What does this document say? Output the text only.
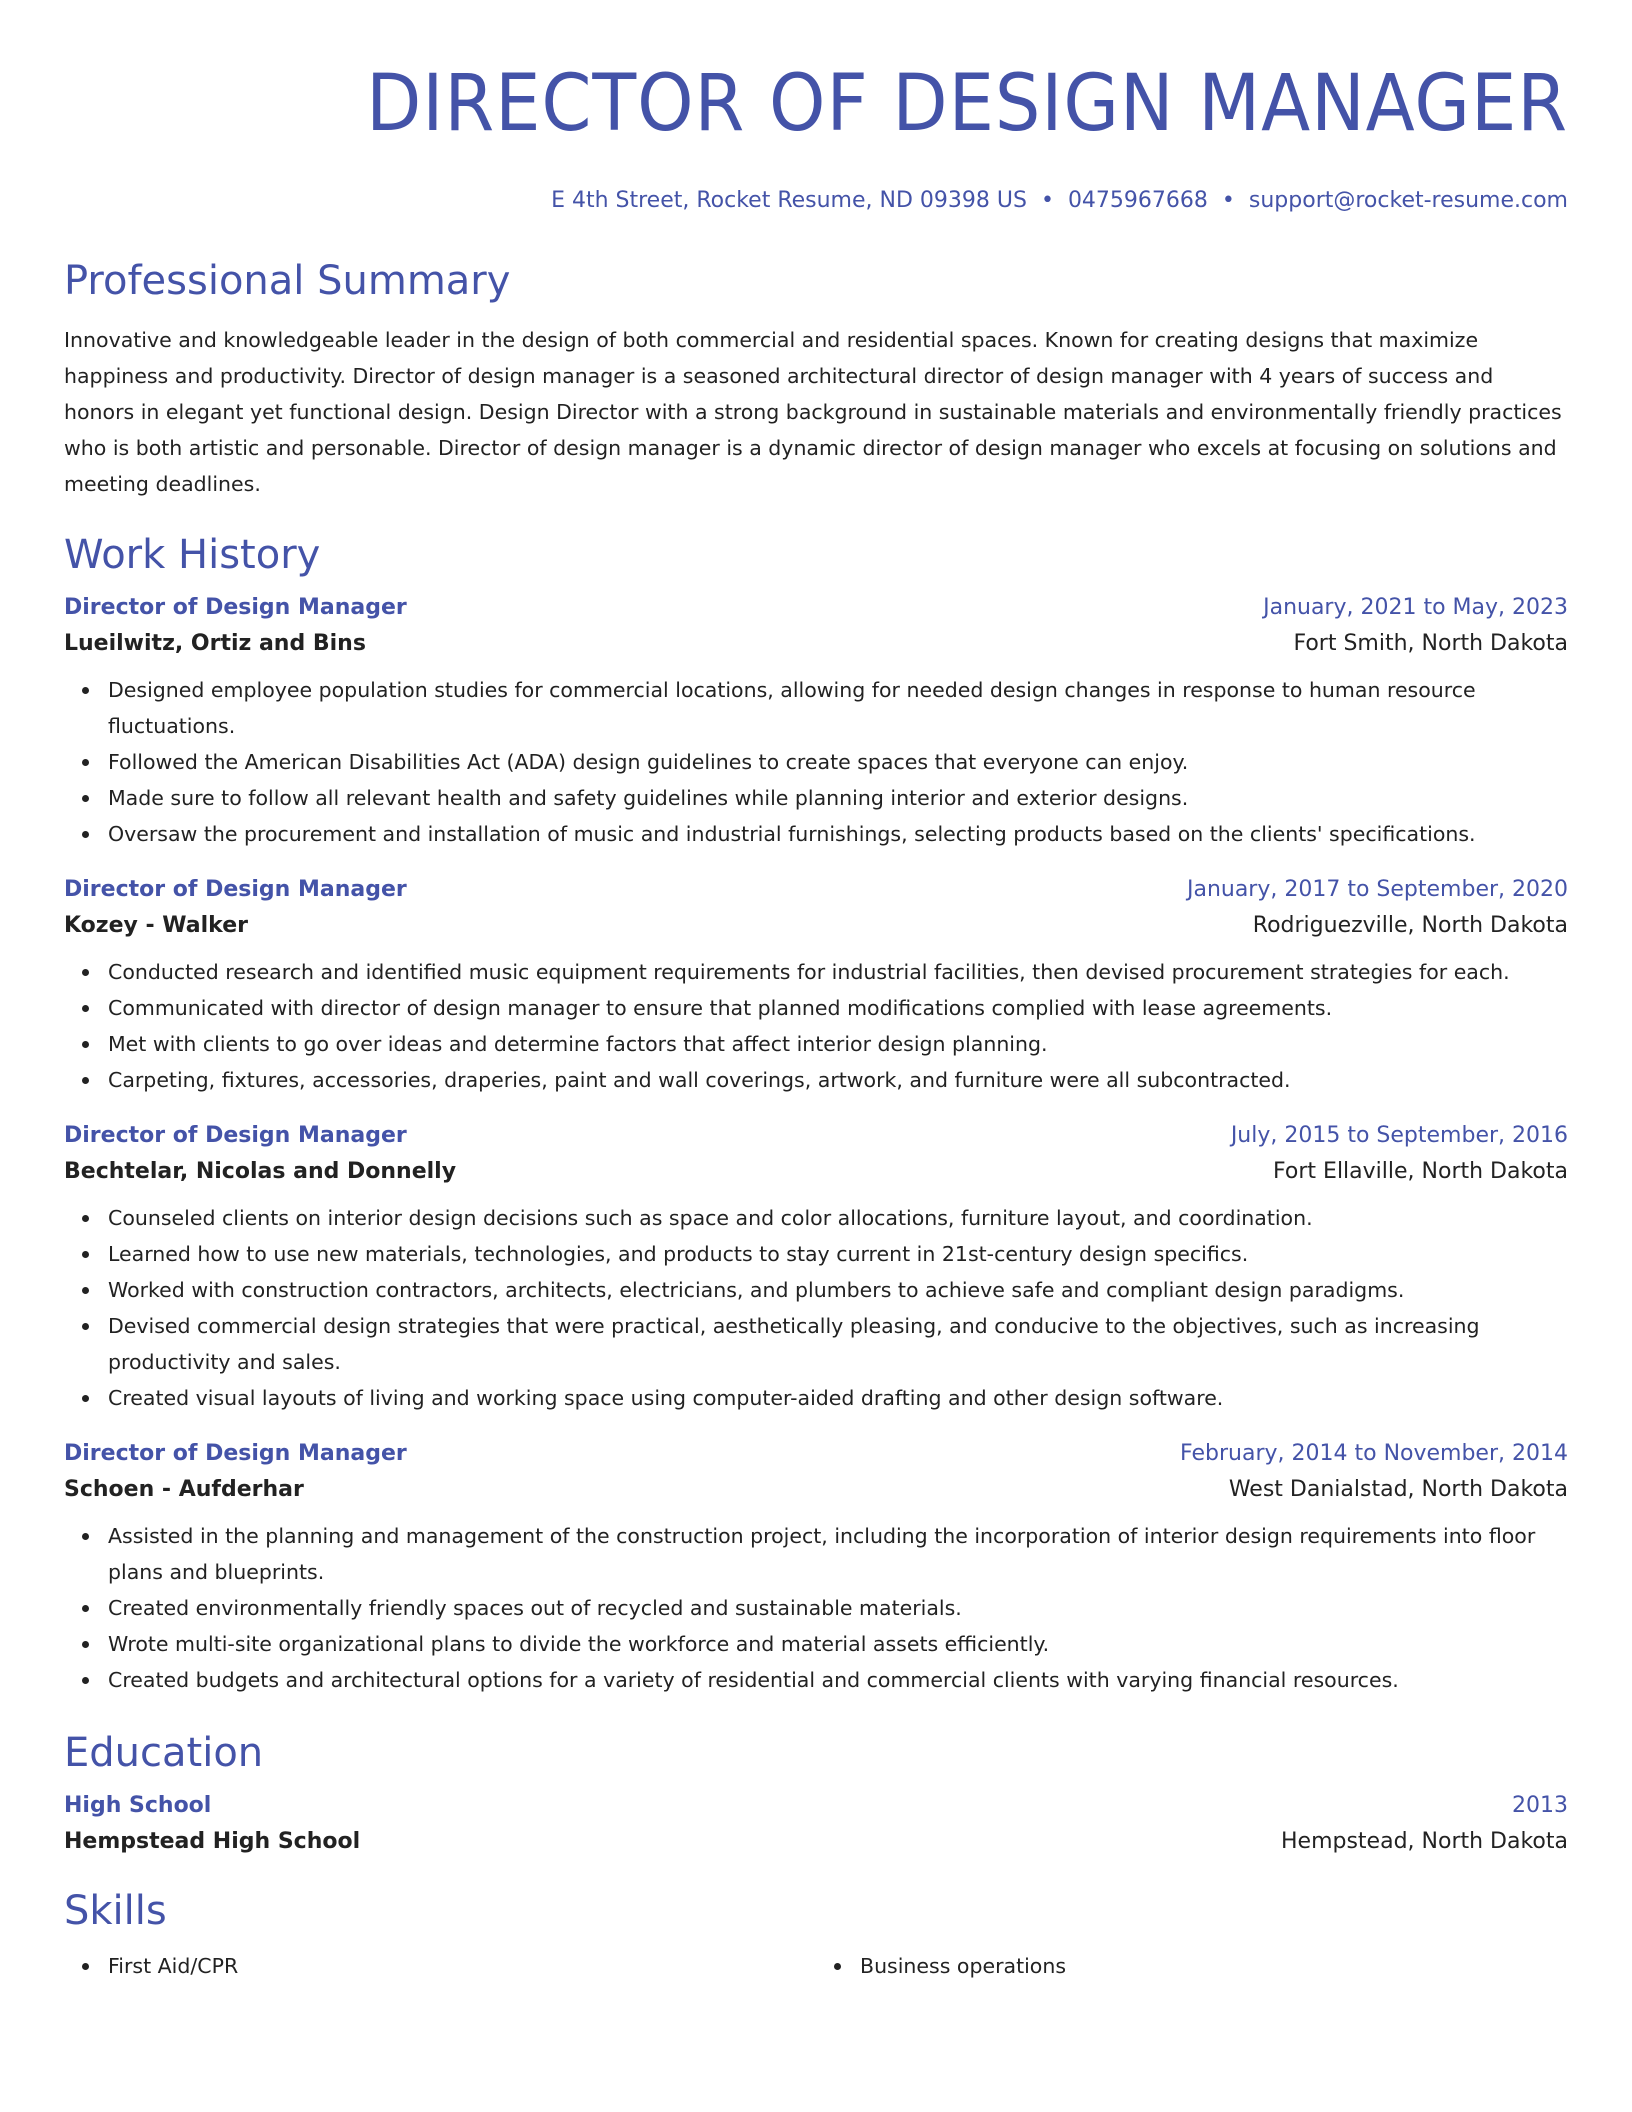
DIRECTOR OF DESIGN MANAGER
E 4th Street, Rocket Resume, ND 09398 US • 0475967668 • support@rocket-resume.com
Professional Summary
Innovative and knowledgeable leader in the design of both commercial and residential spaces. Known for creating designs that maximize happiness and productivity. Director of design manager is a seasoned architectural director of design manager with 4 years of success and honors in elegant yet functional design. Design Director with a strong background in sustainable materials and environmentally friendly practices who is both artistic and personable. Director of design manager is a dynamic director of design manager who excels at focusing on solutions and meeting deadlines.
Work History
Director of Design Manager	January, 2021 to May, 2023
Lueilwitz, Ortiz and Bins	Fort Smith, North Dakota
Designed employee population studies for commercial locations, allowing for needed design changes in response to human resource fluctuations.
Followed the American Disabilities Act (ADA) design guidelines to create spaces that everyone can enjoy.
Made sure to follow all relevant health and safety guidelines while planning interior and exterior designs.
Oversaw the procurement and installation of music and industrial furnishings, selecting products based on the clients' specifications.
Director of Design Manager	January, 2017 to September, 2020
Kozey - Walker	Rodriguezville, North Dakota
Conducted research and identified music equipment requirements for industrial facilities, then devised procurement strategies for each.
Communicated with director of design manager to ensure that planned modifications complied with lease agreements.
Met with clients to go over ideas and determine factors that affect interior design planning.
Carpeting, fixtures, accessories, draperies, paint and wall coverings, artwork, and furniture were all subcontracted.
Director of Design Manager	July, 2015 to September, 2016
Bechtelar, Nicolas and Donnelly	Fort Ellaville, North Dakota
Counseled clients on interior design decisions such as space and color allocations, furniture layout, and coordination.
Learned how to use new materials, technologies, and products to stay current in 21st-century design specifics.
Worked with construction contractors, architects, electricians, and plumbers to achieve safe and compliant design paradigms.
Devised commercial design strategies that were practical, aesthetically pleasing, and conducive to the objectives, such as increasing productivity and sales.
Created visual layouts of living and working space using computer-aided drafting and other design software.
Director of Design Manager	February, 2014 to November, 2014
Schoen - Aufderhar	West Danialstad, North Dakota
Assisted in the planning and management of the construction project, including the incorporation of interior design requirements into floor plans and blueprints.
Created environmentally friendly spaces out of recycled and sustainable materials.
Wrote multi-site organizational plans to divide the workforce and material assets efficiently.
Created budgets and architectural options for a variety of residential and commercial clients with varying financial resources.
Education
High School	2013
Hempstead High School	Hempstead, North Dakota
Skills
First Aid/CPR	Business operations
